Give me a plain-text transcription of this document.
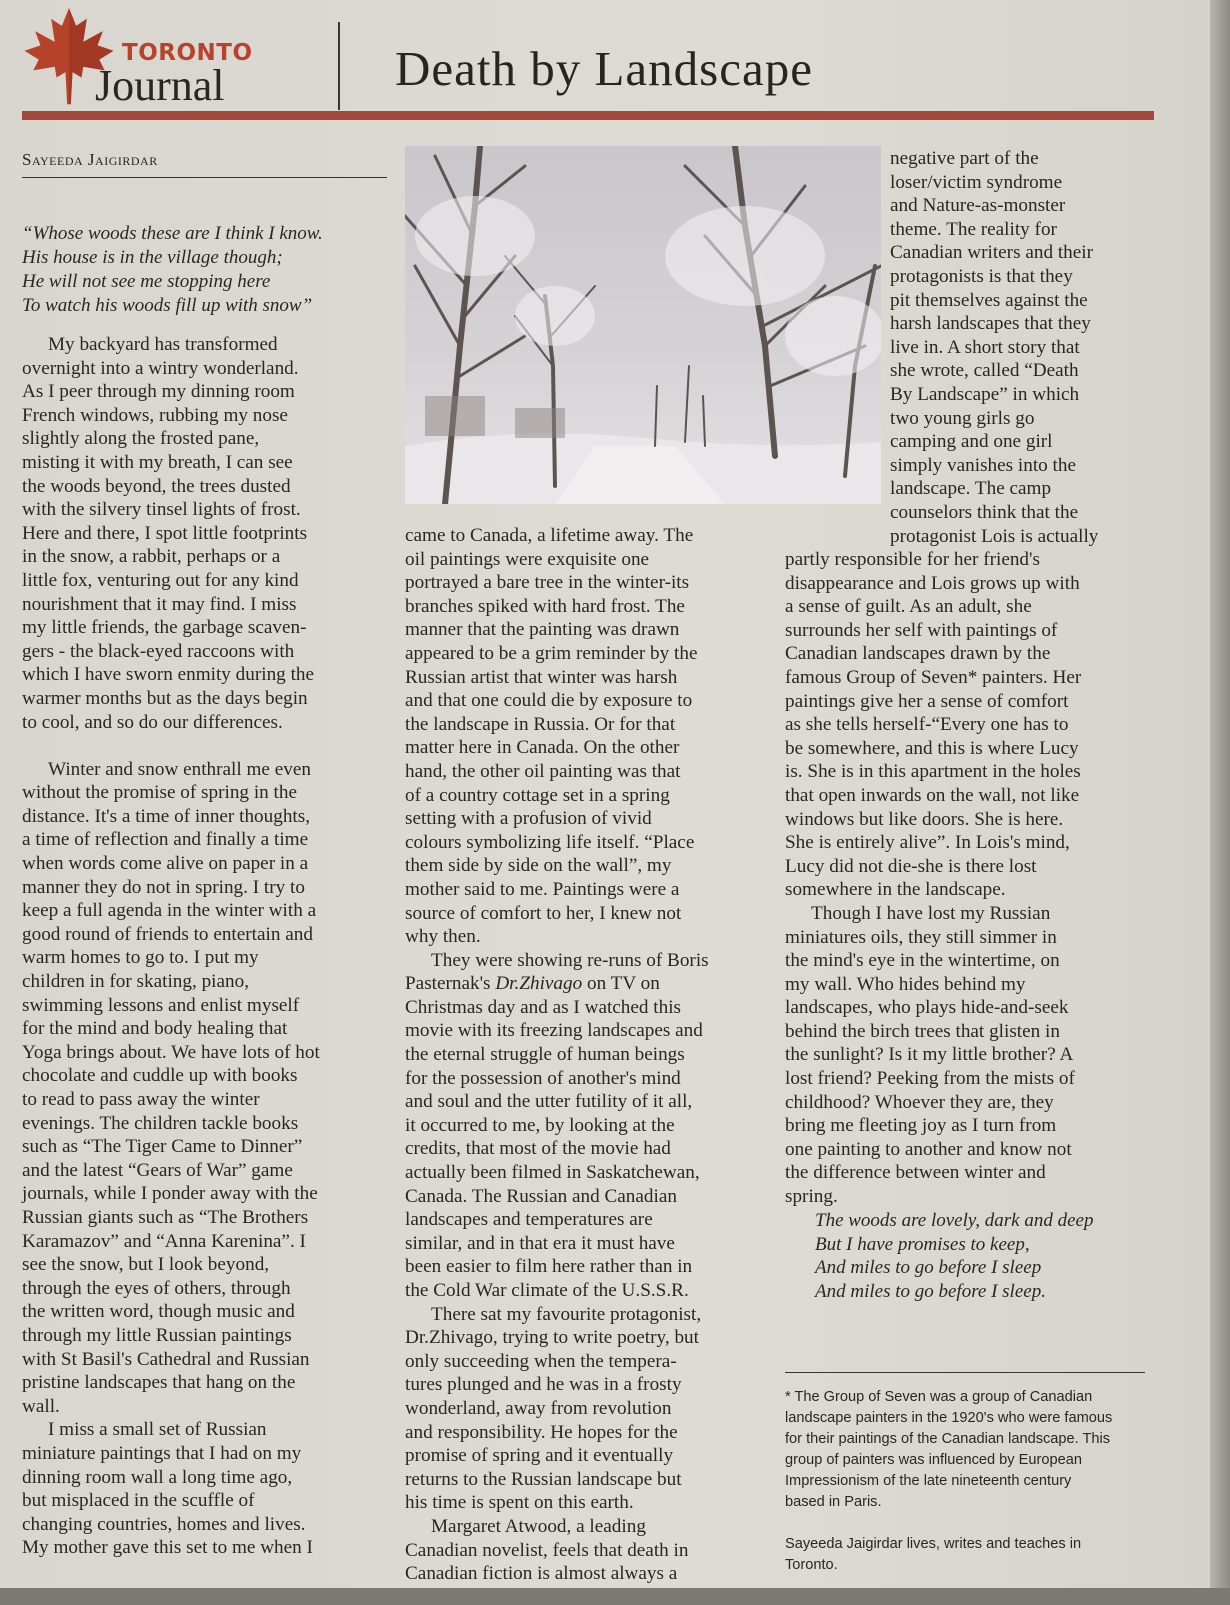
TORONTO
Journal	Death by Landscape
Sayeeda Jaigirdar
“Whose woods these are I think I know.
His house is in the village though;
He will not see me stopping here
To watch his woods fill up with snow”

My backyard has transformed

overnight into a wintry wonderland.

As I peer through my dinning room

French windows, rubbing my nose

slightly along the frosted pane,

misting it with my breath, I can see

the woods beyond, the trees dusted

with the silvery tinsel lights of frost.

Here and there, I spot little footprints

in the snow, a rabbit, perhaps or a

little fox, venturing out for any kind

nourishment that it may find. I miss

my little friends, the garbage scaven-

gers - the black-eyed raccoons with

which I have sworn enmity during the

warmer months but as the days begin

to cool, and so do our differences.

Winter and snow enthrall me even

without the promise of spring in the

distance. It's a time of inner thoughts,

a time of reflection and finally a time

when words come alive on paper in a

manner they do not in spring. I try to

keep a full agenda in the winter with a

good round of friends to entertain and

warm homes to go to. I put my

children in for skating, piano,

swimming lessons and enlist myself

for the mind and body healing that

Yoga brings about. We have lots of hot

chocolate and cuddle up with books

to read to pass away the winter

evenings. The children tackle books

such as “The Tiger Came to Dinner”

and the latest “Gears of War” game

journals, while I ponder away with the

Russian giants such as “The Brothers

Karamazov” and “Anna Karenina”. I

see the snow, but I look beyond,

through the eyes of others, through

the written word, though music and

through my little Russian paintings

with St Basil's Cathedral and Russian

pristine landscapes that hang on the

wall.

I miss a small set of Russian

miniature paintings that I had on my

dinning room wall a long time ago,

but misplaced in the scuffle of

changing countries, homes and lives.

My mother gave this set to me when I

came to Canada, a lifetime away. The

oil paintings were exquisite one

portrayed a bare tree in the winter-its

branches spiked with hard frost. The

manner that the painting was drawn

appeared to be a grim reminder by the

Russian artist that winter was harsh

and that one could die by exposure to

the landscape in Russia. Or for that

matter here in Canada. On the other

hand, the other oil painting was that

of a country cottage set in a spring

setting with a profusion of vivid

colours symbolizing life itself. “Place

them side by side on the wall”, my

mother said to me. Paintings were a

source of comfort to her, I knew not

why then.

They were showing re-runs of Boris

Pasternak's Dr.Zhivago on TV on

Christmas day and as I watched this

movie with its freezing landscapes and

the eternal struggle of human beings

for the possession of another's mind

and soul and the utter futility of it all,

it occurred to me, by looking at the

credits, that most of the movie had

actually been filmed in Saskatchewan,

Canada. The Russian and Canadian

landscapes and temperatures are

similar, and in that era it must have

been easier to film here rather than in

the Cold War climate of the U.S.S.R.

There sat my favourite protagonist,

Dr.Zhivago, trying to write poetry, but

only succeeding when the tempera-

tures plunged and he was in a frosty

wonderland, away from revolution

and responsibility. He hopes for the

promise of spring and it eventually

returns to the Russian landscape but

his time is spent on this earth.

Margaret Atwood, a leading

Canadian novelist, feels that death in

Canadian fiction is almost always a

negative part of the

loser/victim syndrome

and Nature-as-monster

theme. The reality for

Canadian writers and their

protagonists is that they

pit themselves against the

harsh landscapes that they

live in. A short story that

she wrote, called “Death

By Landscape” in which

two young girls go

camping and one girl

simply vanishes into the

landscape. The camp

counselors think that the

protagonist Lois is actually

partly responsible for her friend's

disappearance and Lois grows up with

a sense of guilt. As an adult, she

surrounds her self with paintings of

Canadian landscapes drawn by the

famous Group of Seven* painters. Her

paintings give her a sense of comfort

as she tells herself-“Every one has to

be somewhere, and this is where Lucy

is. She is in this apartment in the holes

that open inwards on the wall, not like

windows but like doors. She is here.

She is entirely alive”. In Lois's mind,

Lucy did not die-she is there lost

somewhere in the landscape.

Though I have lost my Russian

miniatures oils, they still simmer in

the mind's eye in the wintertime, on

my wall. Who hides behind my

landscapes, who plays hide-and-seek

behind the birch trees that glisten in

the sunlight? Is it my little brother? A

lost friend? Peeking from the mists of

childhood? Whoever they are, they

bring me fleeting joy as I turn from

one painting to another and know not

the difference between winter and

spring.

The woods are lovely, dark and deep
But I have promises to keep,
And miles to go before I sleep
And miles to go before I sleep.
* The Group of Seven was a group of Canadian
landscape painters in the 1920's who were famous
for their paintings of the Canadian landscape. This
group of painters was influenced by European
Impressionism of the late nineteenth century
based in Paris.
Sayeeda Jaigirdar lives, writes and teaches in
Toronto.
